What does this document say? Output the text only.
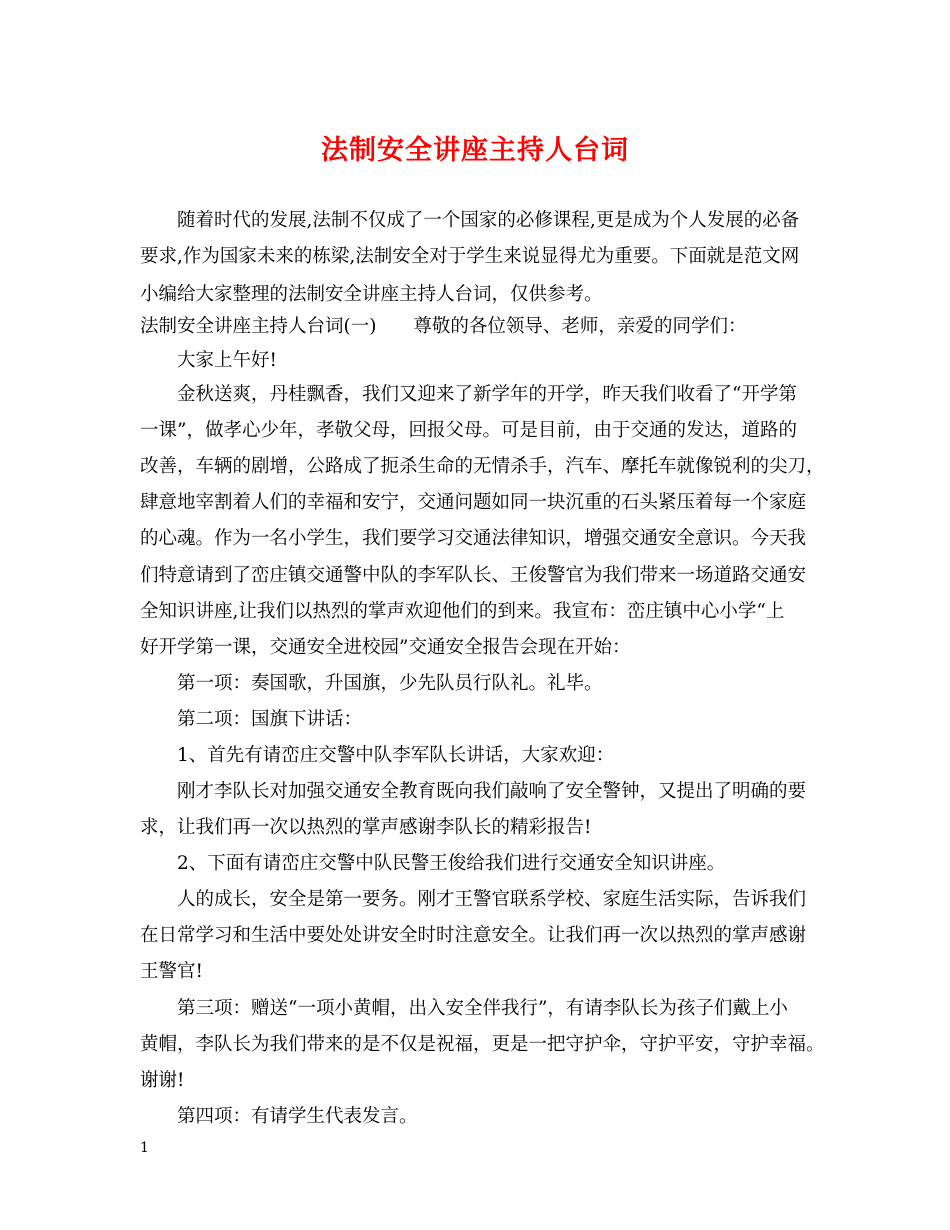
法制安全讲座主持人台词
随着时代的发展,法制不仅成了一个国家的必修课程,更是成为个人发展的必备
要求,作为国家未来的栋梁,法制安全对于学生来说显得尤为重要。下面就是范文网
小编给大家整理的法制安全讲座主持人台词，仅供参考。
法制安全讲座主持人台词(一)　　尊敬的各位领导、老师，亲爱的同学们：
大家上午好!
金秋送爽，丹桂飘香，我们又迎来了新学年的开学，昨天我们收看了“开学第
一课”，做孝心少年，孝敬父母，回报父母。可是目前，由于交通的发达，道路的
改善，车辆的剧增，公路成了扼杀生命的无情杀手，汽车、摩托车就像锐利的尖刀，
肆意地宰割着人们的幸福和安宁，交通问题如同一块沉重的石头紧压着每一个家庭
的心魂。作为一名小学生，我们要学习交通法律知识，增强交通安全意识。今天我
们特意请到了峦庄镇交通警中队的李军队长、王俊警官为我们带来一场道路交通安
全知识讲座,让我们以热烈的掌声欢迎他们的到来。我宣布：峦庄镇中心小学“上
好开学第一课，交通安全进校园”交通安全报告会现在开始：
第一项：奏国歌，升国旗，少先队员行队礼。礼毕。
第二项：国旗下讲话：
1、首先有请峦庄交警中队李军队长讲话，大家欢迎：
刚才李队长对加强交通安全教育既向我们敲响了安全警钟，又提出了明确的要
求，让我们再一次以热烈的掌声感谢李队长的精彩报告!
2、下面有请峦庄交警中队民警王俊给我们进行交通安全知识讲座。
人的成长，安全是第一要务。刚才王警官联系学校、家庭生活实际，告诉我们
在日常学习和生活中要处处讲安全时时注意安全。让我们再一次以热烈的掌声感谢
王警官!
第三项：赠送“一项小黄帽，出入安全伴我行”，有请李队长为孩子们戴上小
黄帽，李队长为我们带来的是不仅是祝福，更是一把守护伞，守护平安，守护幸福。
谢谢!
第四项：有请学生代表发言。
1
